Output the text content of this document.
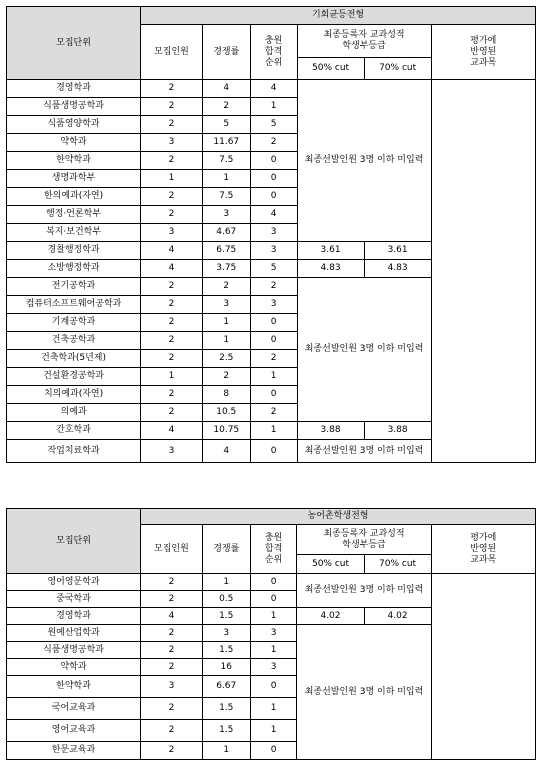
모집단위	기회균등전형					
	모집인원	경쟁률	충원
합격
순위	최종등록자 교과성적
학생부등급		평가에
반영된
교과목

				50% cut	70% cut	
경영학과	2	4	4	최종선발인원 3명 이하 미입력		
식품생명공학과	2	2	1			
식품영양학과	2	5	5			
약학과	3	11.67	2			
한약학과	2	7.5	0			
생명과학부	1	1	0			
한의예과(자연)	2	7.5	0			
행정·언론학부	2	3	4			
복지·보건학부	3	4.67	3			
경찰행정학과	4	6.75	3	3.61	3.61	
소방행정학과	4	3.75	5	4.83	4.83	
전기공학과	2	2	2	최종선발인원 3명 이하 미입력		
컴퓨터소프트웨어공학과	2	3	3			
기계공학과	2	1	0			
건축공학과	2	1	0			
건축학과(5년제)	2	2.5	2			
건설환경공학과	1	2	1			
치의예과(자연)	2	8	0			
의예과	2	10.5	2			
간호학과	4	10.75	1	3.88	3.88	
작업치료학과	3	4	0	최종선발인원 3명 이하 미입력		
모집단위	농어촌학생전형					
	모집인원	경쟁률	충원
합격
순위	최종등록자 교과성적
학생부등급		평가에
반영된
교과목

				50% cut	70% cut	
영어영문학과	2	1	0	최종선발인원 3명 이하 미입력		
중국학과	2	0.5	0			
경영학과	4	1.5	1	4.02	4.02	
원예산업학과	2	3	3	최종선발인원 3명 이하 미입력		
식품생명공학과	2	1.5	1			
약학과	2	16	3			
한약학과	3	6.67	0			
국어교육과	2	1.5	1			
영어교육과	2	1.5	1			
한문교육과	2	1	0			
